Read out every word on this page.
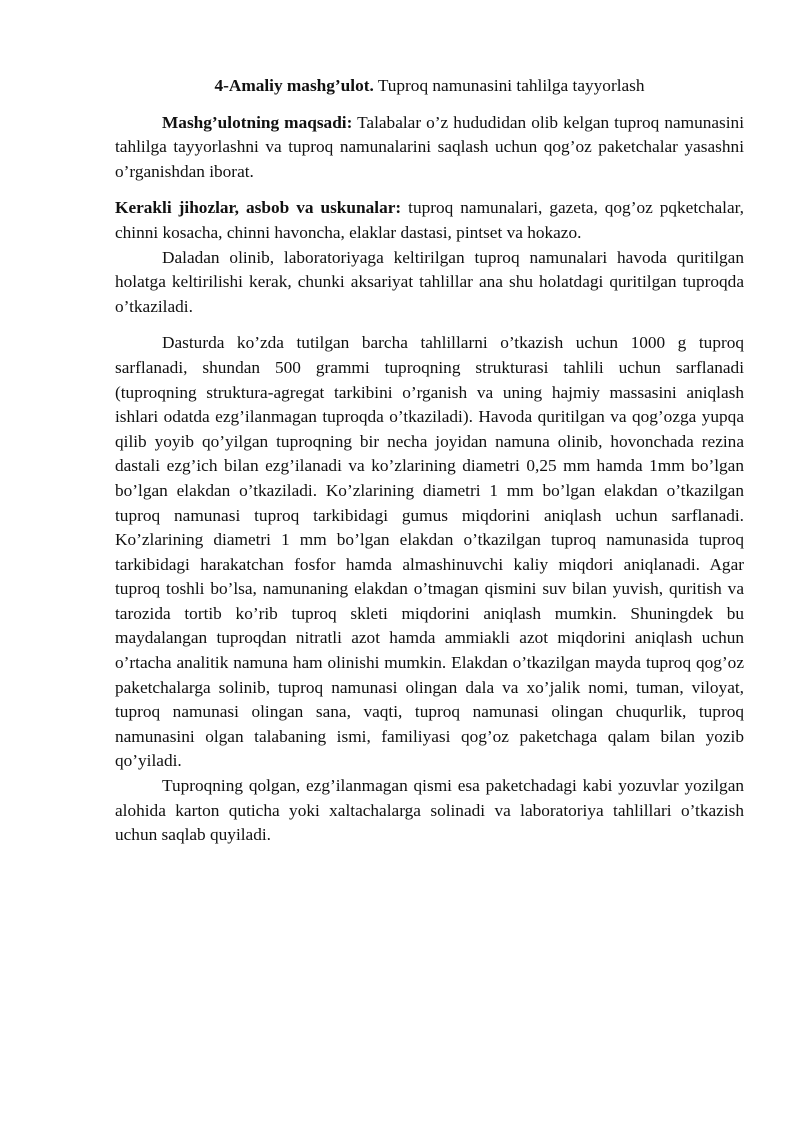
4-Amaliy mashg’ulot. Tuproq namunasini tahlilga tayyorlash

Mashg’ulotning maqsadi: Talabalar o’z hududidan olib kelgan tuproq namunasini tahlilga tayyorlashni va tuproq namunalarini saqlash uchun qog’oz paketchalar yasashni o’rganishdan iborat.

Kerakli jihozlar, asbob va uskunalar: tuproq namunalari, gazeta, qog’oz pqketchalar, chinni kosacha, chinni havoncha, elaklar dastasi, pintset va hokazo.

Daladan olinib, laboratoriyaga keltirilgan tuproq namunalari havoda quritilgan holatga keltirilishi kerak, chunki aksariyat tahlillar ana shu holatdagi quritilgan tuproqda o’tkaziladi.

Dasturda ko’zda tutilgan barcha tahlillarni o’tkazish uchun 1000 g tuproq sarflanadi, shundan 500 grammi tuproqning strukturasi tahlili uchun sarflanadi (tuproqning struktura-agregat tarkibini o’rganish va uning hajmiy massasini aniqlash ishlari odatda ezg’ilanmagan tuproqda o’tkaziladi). Havoda quritilgan va qog’ozga yupqa qilib yoyib qo’yilgan tuproqning bir necha joyidan namuna olinib, hovonchada rezina dastali ezg’ich bilan ezg’ilanadi va ko’zlarining diametri 0,25 mm hamda 1mm bo’lgan bo’lgan elakdan o’tkaziladi. Ko’zlarining diametri 1 mm bo’lgan elakdan o’tkazilgan tuproq namunasi tuproq tarkibidagi gumus miqdorini aniqlash uchun sarflanadi. Ko’zlarining diametri 1 mm bo’lgan elakdan o’tkazilgan tuproq namunasida tuproq tarkibidagi harakatchan fosfor hamda almashinuvchi kaliy miqdori aniqlanadi. Agar tuproq toshli bo’lsa, namunaning elakdan o’tmagan qismini suv bilan yuvish, quritish va tarozida tortib ko’rib tuproq skleti miqdorini aniqlash mumkin. Shuningdek bu maydalangan tuproqdan nitratli azot hamda ammiakli azot miqdorini aniqlash uchun o’rtacha analitik namuna ham olinishi mumkin. Elakdan o’tkazilgan mayda tuproq qog’oz paketchalarga solinib, tuproq namunasi olingan dala va xo’jalik nomi, tuman, viloyat, tuproq namunasi olingan sana, vaqti, tuproq namunasi olingan chuqurlik, tuproq namunasini olgan talabaning ismi, familiyasi qog’oz paketchaga qalam bilan yozib qo’yiladi.

Tuproqning qolgan, ezg’ilanmagan qismi esa paketchadagi kabi yozuvlar yozilgan alohida karton quticha yoki xaltachalarga solinadi va laboratoriya tahlillari o’tkazish uchun saqlab quyiladi.
